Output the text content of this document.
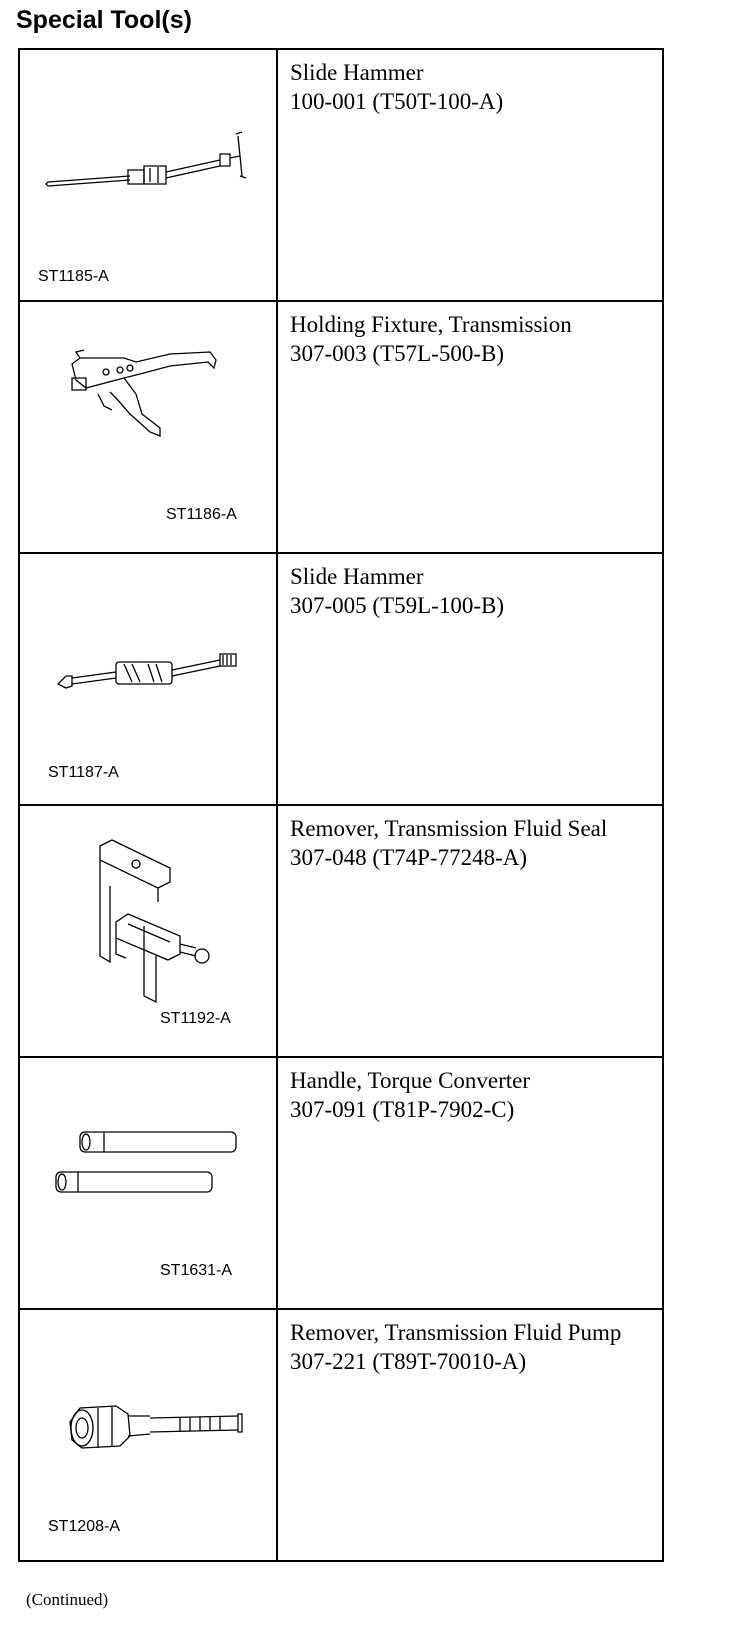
Special Tool(s)
ST1185-A	Slide Hammer
100-001 (T50T-100-A)

ST1186-A	Holding Fixture, Transmission
307-003 (T57L-500-B)

ST1187-A	Slide Hammer
307-005 (T59L-100-B)

ST1192-A	Remover, Transmission Fluid Seal
307-048 (T74P-77248-A)

ST1631-A	Handle, Torque Converter
307-091 (T81P-7902-C)

ST1208-A	Remover, Transmission Fluid Pump
307-221 (T89T-70010-A)
(Continued)
